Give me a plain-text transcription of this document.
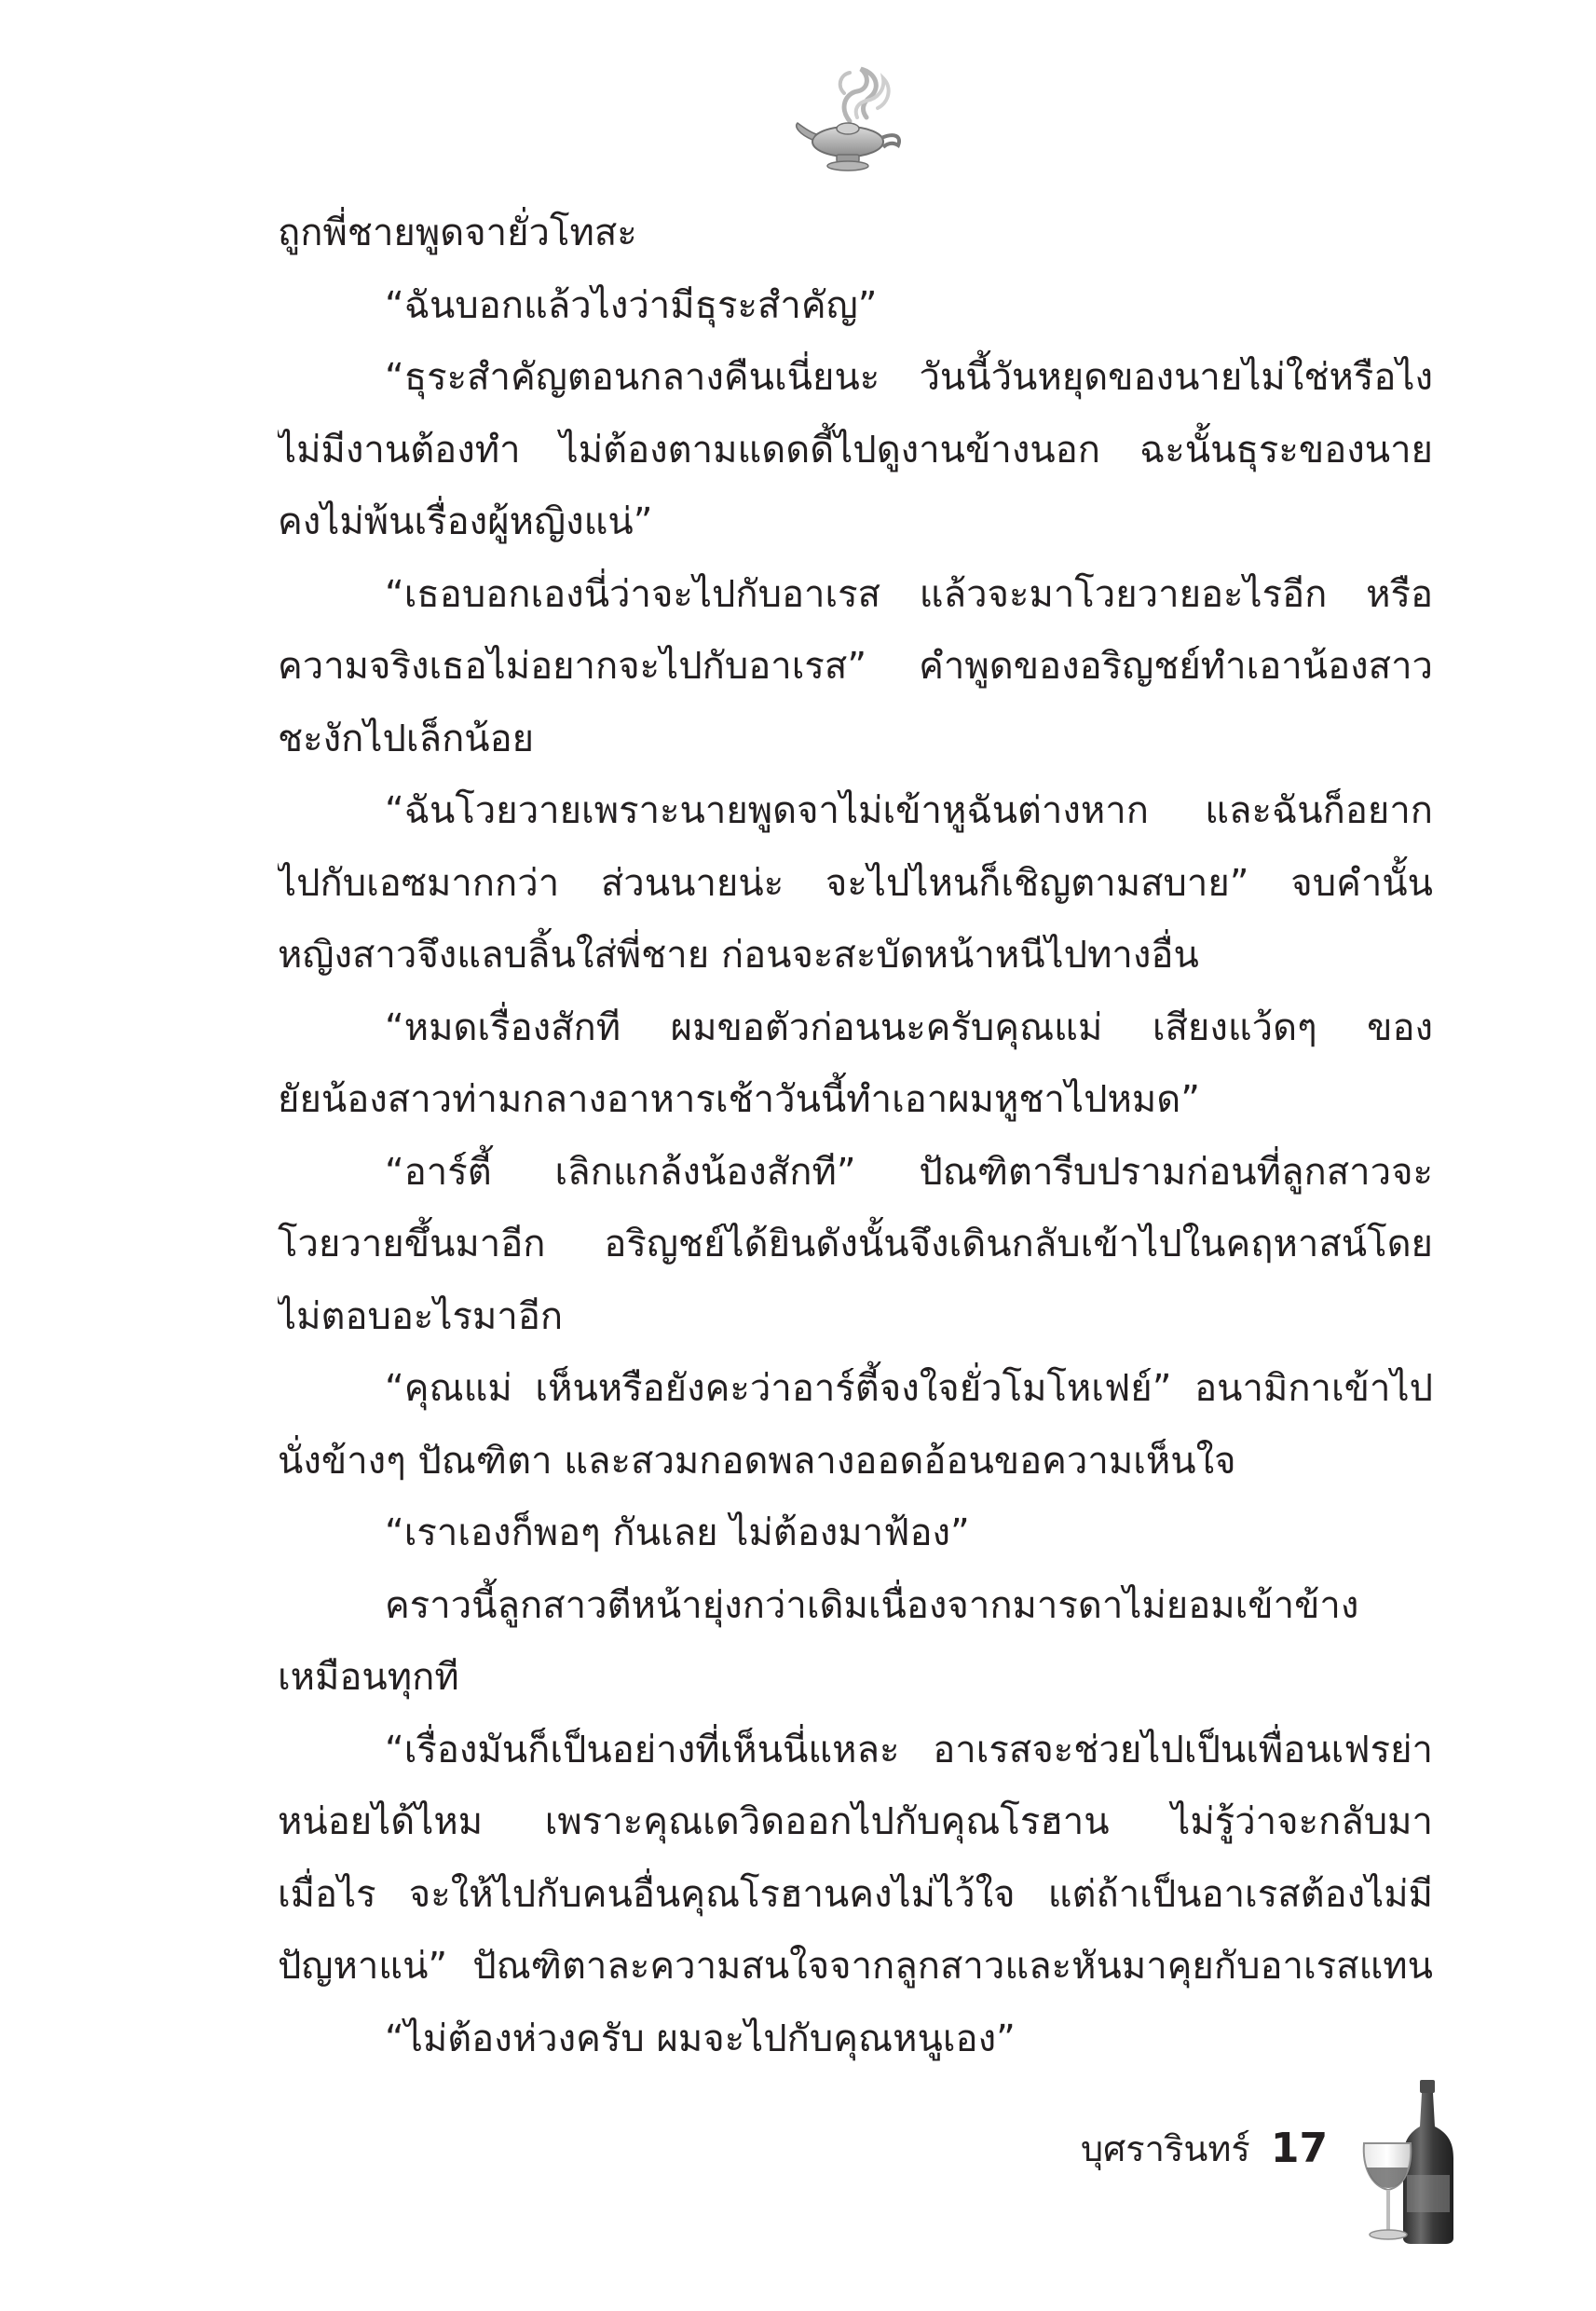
ถูกพี่ชายพูดจายั่วโทสะ
“ฉันบอกแล้วไงว่ามีธุระสำคัญ”
“ธุระสำคัญตอนกลางคืนเนี่ยนะ วันนี้วันหยุดของนายไม่ใช่หรือไง
ไม่มีงานต้องทำ ไม่ต้องตามแดดดี้ไปดูงานข้างนอก ฉะนั้นธุระของนาย
คงไม่พ้นเรื่องผู้หญิงแน่”
“เธอบอกเองนี่ว่าจะไปกับอาเรส แล้วจะมาโวยวายอะไรอีก หรือ
ความจริงเธอไม่อยากจะไปกับอาเรส” คำพูดของอริญชย์ทำเอาน้องสาว
ชะงักไปเล็กน้อย
“ฉันโวยวายเพราะนายพูดจาไม่เข้าหูฉันต่างหาก และฉันก็อยาก
ไปกับเอซมากกว่า ส่วนนายน่ะ จะไปไหนก็เชิญตามสบาย” จบคำนั้น
หญิงสาวจึงแลบลิ้นใส่พี่ชาย ก่อนจะสะบัดหน้าหนีไปทางอื่น
“หมดเรื่องสักที ผมขอตัวก่อนนะครับคุณแม่ เสียงแว้ดๆ ของ
ยัยน้องสาวท่ามกลางอาหารเช้าวันนี้ทำเอาผมหูชาไปหมด”
“อาร์ตี้ เลิกแกล้งน้องสักที” ปัณฑิตารีบปรามก่อนที่ลูกสาวจะ
โวยวายขึ้นมาอีก อริญชย์ได้ยินดังนั้นจึงเดินกลับเข้าไปในคฤหาสน์โดย
ไม่ตอบอะไรมาอีก
“คุณแม่ เห็นหรือยังคะว่าอาร์ตี้จงใจยั่วโมโหเฟย์” อนามิกาเข้าไป
นั่งข้างๆ ปัณฑิตา และสวมกอดพลางออดอ้อนขอความเห็นใจ
“เราเองก็พอๆ กันเลย ไม่ต้องมาฟ้อง”
คราวนี้ลูกสาวตีหน้ายุ่งกว่าเดิมเนื่องจากมารดาไม่ยอมเข้าข้าง
เหมือนทุกที
“เรื่องมันก็เป็นอย่างที่เห็นนี่แหละ อาเรสจะช่วยไปเป็นเพื่อนเฟรย่า
หน่อยได้ไหม เพราะคุณเดวิดออกไปกับคุณโรฮาน ไม่รู้ว่าจะกลับมา
เมื่อไร จะให้ไปกับคนอื่นคุณโรฮานคงไม่ไว้ใจ แต่ถ้าเป็นอาเรสต้องไม่มี
ปัญหาแน่” ปัณฑิตาละความสนใจจากลูกสาวและหันมาคุยกับอาเรสแทน
“ไม่ต้องห่วงครับ ผมจะไปกับคุณหนูเอง”
บุศรารินทร์ 17
